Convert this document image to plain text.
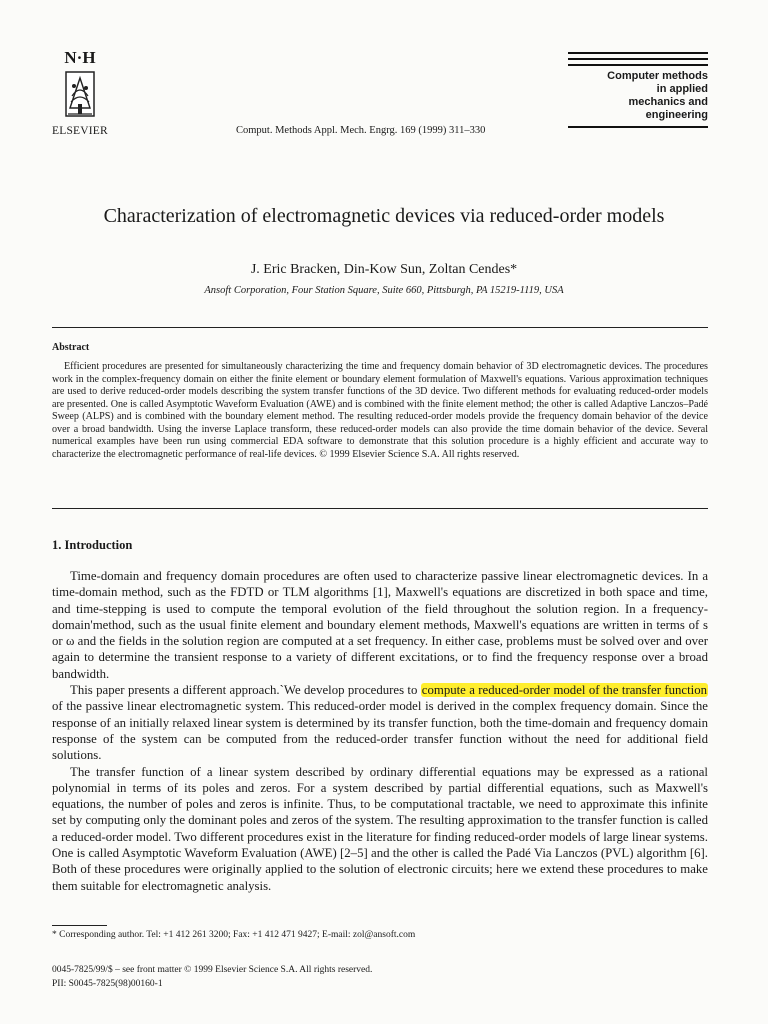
N·H
ELSEVIER	Comput. Methods Appl. Mech. Engrg. 169 (1999) 311–330
Computer methods
in applied
mechanics and
engineering
Characterization of electromagnetic devices via reduced-order models
J. Eric Bracken, Din-Kow Sun, Zoltan Cendes*
Ansoft Corporation, Four Station Square, Suite 660, Pittsburgh, PA 15219-1119, USA
Abstract
Efficient procedures are presented for simultaneously characterizing the time and frequency domain behavior of 3D electromagnetic devices. The procedures work in the complex-frequency domain on either the finite element or boundary element formulation of Maxwell's equations. Various approximation techniques are used to derive reduced-order models describing the system transfer functions of the 3D device. Two different methods for evaluating reduced-order models are presented. One is called Asymptotic Waveform Evaluation (AWE) and is combined with the finite element method; the other is called Adaptive Lanczos–Padé Sweep (ALPS) and is combined with the boundary element method. The resulting reduced-order models provide the frequency domain behavior of the device over a broad bandwidth. Using the inverse Laplace transform, these reduced-order models can also provide the time domain behavior of the device. Several numerical examples have been run using commercial EDA software to demonstrate that this solution procedure is a highly efficient and accurate way to characterize the electromagnetic performance of real-life devices. © 1999 Elsevier Science S.A. All rights reserved.
1. Introduction

Time-domain and frequency domain procedures are often used to characterize passive linear electromagnetic devices. In a time-domain method, such as the FDTD or TLM algorithms [1], Maxwell's equations are discretized in both space and time, and time-stepping is used to compute the temporal evolution of the field throughout the solution region. In a frequency-domain'method, such as the usual finite element and boundary element methods, Maxwell's equations are written in terms of s or ω and the fields in the solution region are computed at a set frequency. In either case, problems must be solved over and over again to determine the transient response to a variety of different excitations, or to find the frequency response over a broad bandwidth.

This paper presents a different approach.`We develop procedures to compute a reduced-order model of the transfer function of the passive linear electromagnetic system. This reduced-order model is derived in the complex frequency domain. Since the response of an initially relaxed linear system is determined by its transfer function, both the time-domain and frequency domain response of the system can be computed from the reduced-order transfer function without the need for additional field solutions.

The transfer function of a linear system described by ordinary differential equations may be expressed as a rational polynomial in terms of its poles and zeros. For a system described by partial differential equations, such as Maxwell's equations, the number of poles and zeros is infinite. Thus, to be computational tractable, we need to approximate this infinite set by computing only the dominant poles and zeros of the system. The resulting approximation to the transfer function is called a reduced-order model. Two different procedures exist in the literature for finding reduced-order models of large linear systems. One is called Asymptotic Waveform Evaluation (AWE) [2–5] and the other is called the Padé Via Lanczos (PVL) algorithm [6]. Both of these procedures were originally applied to the solution of electronic circuits; here we extend these procedures to make them suitable for electromagnetic analysis.

* Corresponding author. Tel: +1 412 261 3200; Fax: +1 412 471 9427; E-mail: zol@ansoft.com
0045-7825/99/$ – see front matter © 1999 Elsevier Science S.A. All rights reserved.
PII: S0045-7825(98)00160-1
